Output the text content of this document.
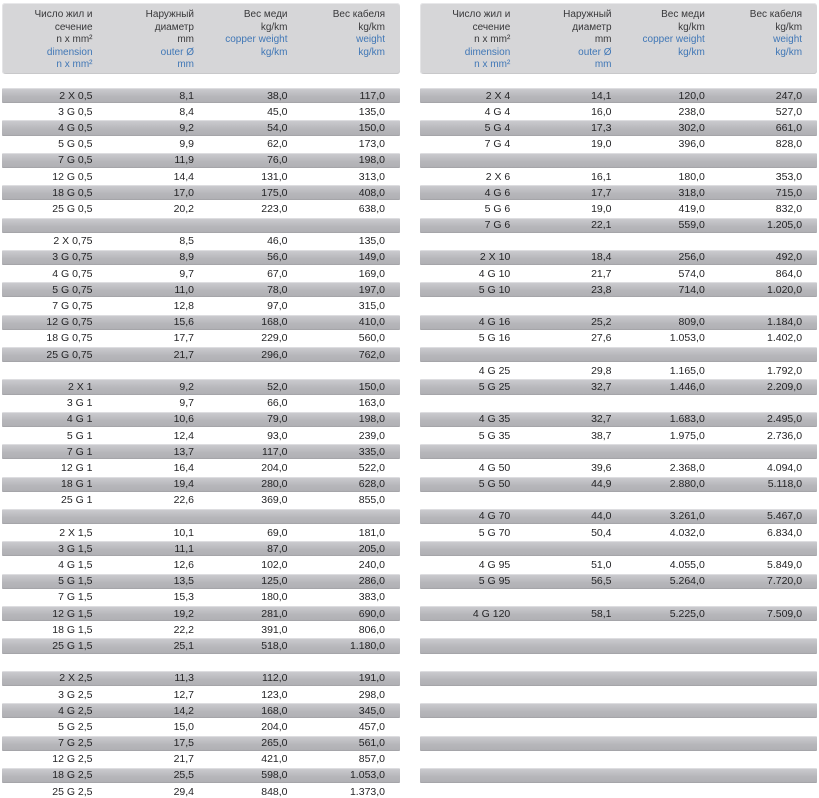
Число жил и
сечение
n x mm²
dimension
n x mm²
Наружный
диаметр
mm
outer Ø
mm
Вес меди
kg/km
copper weight
kg/km
Вес кабеля
kg/km
weight
kg/km
2 X 0,5	8,1	38,0	117,0
3 G 0,5	8,4	45,0	135,0
4 G 0,5	9,2	54,0	150,0
5 G 0,5	9,9	62,0	173,0
7 G 0,5	11,9	76,0	198,0
12 G 0,5	14,4	131,0	313,0
18 G 0,5	17,0	175,0	408,0
25 G 0,5	20,2	223,0	638,0
2 X 0,75	8,5	46,0	135,0
3 G 0,75	8,9	56,0	149,0
4 G 0,75	9,7	67,0	169,0
5 G 0,75	11,0	78,0	197,0
7 G 0,75	12,8	97,0	315,0
12 G 0,75	15,6	168,0	410,0
18 G 0,75	17,7	229,0	560,0
25 G 0,75	21,7	296,0	762,0
2 X 1	9,2	52,0	150,0
3 G 1	9,7	66,0	163,0
4 G 1	10,6	79,0	198,0
5 G 1	12,4	93,0	239,0
7 G 1	13,7	117,0	335,0
12 G 1	16,4	204,0	522,0
18 G 1	19,4	280,0	628,0
25 G 1	22,6	369,0	855,0
2 X 1,5	10,1	69,0	181,0
3 G 1,5	11,1	87,0	205,0
4 G 1,5	12,6	102,0	240,0
5 G 1,5	13,5	125,0	286,0
7 G 1,5	15,3	180,0	383,0
12 G 1,5	19,2	281,0	690,0
18 G 1,5	22,2	391,0	806,0
25 G 1,5	25,1	518,0	1.180,0
2 X 2,5	11,3	112,0	191,0
3 G 2,5	12,7	123,0	298,0
4 G 2,5	14,2	168,0	345,0
5 G 2,5	15,0	204,0	457,0
7 G 2,5	17,5	265,0	561,0
12 G 2,5	21,7	421,0	857,0
18 G 2,5	25,5	598,0	1.053,0
25 G 2,5	29,4	848,0	1.373,0
Число жил и
сечение
n x mm²
dimension
n x mm²
Наружный
диаметр
mm
outer Ø
mm
Вес меди
kg/km
copper weight
kg/km
Вес кабеля
kg/km
weight
kg/km
2 X 4	14,1	120,0	247,0
4 G 4	16,0	238,0	527,0
5 G 4	17,3	302,0	661,0
7 G 4	19,0	396,0	828,0
2 X 6	16,1	180,0	353,0
4 G 6	17,7	318,0	715,0
5 G 6	19,0	419,0	832,0
7 G 6	22,1	559,0	1.205,0
2 X 10	18,4	256,0	492,0
4 G 10	21,7	574,0	864,0
5 G 10	23,8	714,0	1.020,0
4 G 16	25,2	809,0	1.184,0
5 G 16	27,6	1.053,0	1.402,0
4 G 25	29,8	1.165,0	1.792,0
5 G 25	32,7	1.446,0	2.209,0
4 G 35	32,7	1.683,0	2.495,0
5 G 35	38,7	1.975,0	2.736,0
4 G 50	39,6	2.368,0	4.094,0
5 G 50	44,9	2.880,0	5.118,0
4 G 70	44,0	3.261,0	5.467,0
5 G 70	50,4	4.032,0	6.834,0
4 G 95	51,0	4.055,0	5.849,0
5 G 95	56,5	5.264,0	7.720,0
4 G 120	58,1	5.225,0	7.509,0
